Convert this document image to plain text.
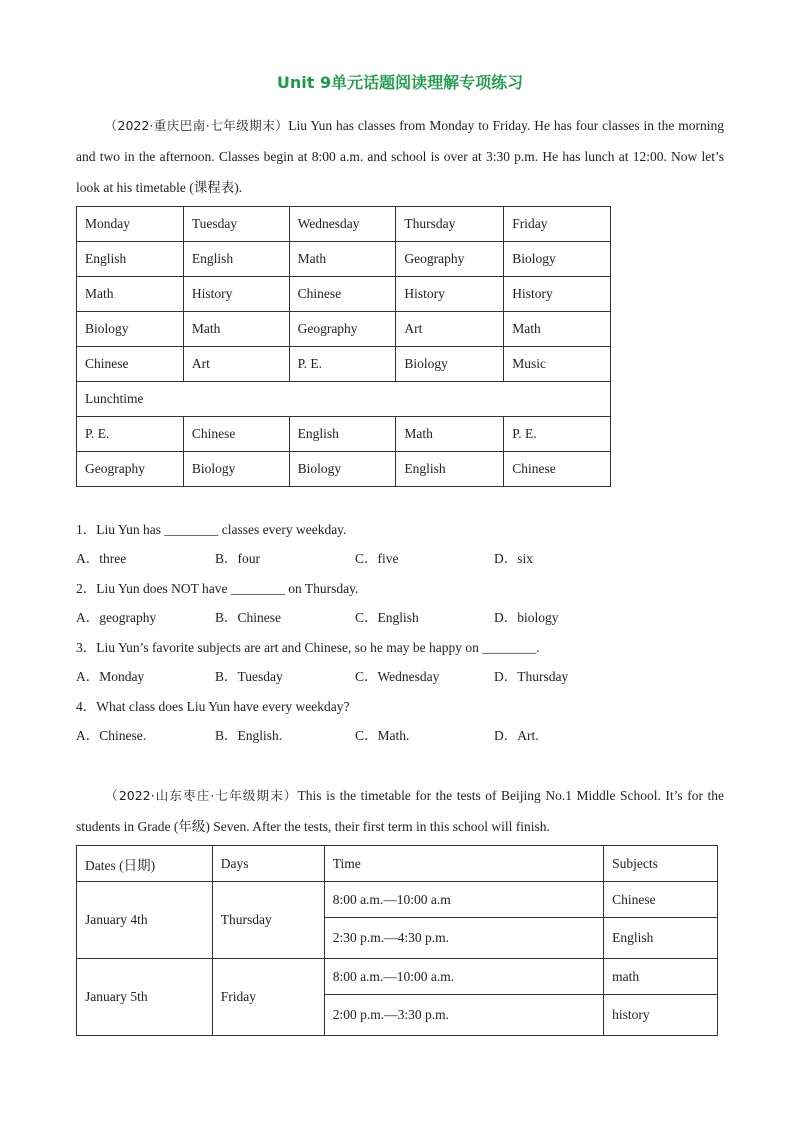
Unit 9单元话题阅读理解专项练习
（2022·重庆巴南·七年级期末）Liu Yun has classes from Monday to Friday. He has four classes in the morning and two in the afternoon. Classes begin at 8:00 a.m. and school is over at 3:30 p.m. He has lunch at 12:00. Now let’s look at his timetable (课程表).
Monday	Tuesday	Wednesday	Thursday	Friday
English	English	Math	Geography	Biology
Math	History	Chinese	History	History
Biology	Math	Geography	Art	Math
Chinese	Art	P. E.	Biology	Music
Lunchtime				
P. E.	Chinese	English	Math	P. E.
Geography	Biology	Biology	English	Chinese
1．Liu Yun has ________ classes every weekday.
A．three	B．four	C．five	D．six
2．Liu Yun does NOT have ________ on Thursday.
A．geography	B．Chinese	C．English	D．biology
3．Liu Yun’s favorite subjects are art and Chinese, so he may be happy on ________.
A．Monday	B．Tuesday	C．Wednesday	D．Thursday
4．What class does Liu Yun have every weekday?
A．Chinese.	B．English.	C．Math.	D．Art.
（2022·山东枣庄·七年级期末）This is the timetable for the tests of Beijing No.1 Middle School. It’s for the students in Grade (年级) Seven. After the tests, their first term in this school will finish.
Dates (日期)	Days	Time	Subjects
January 4th	Thursday	8:00 a.m.—10:00 a.m	Chinese
		2:30 p.m.—4:30 p.m.	English
January 5th	Friday	8:00 a.m.—10:00 a.m.	math
		2:00 p.m.—3:30 p.m.	history
